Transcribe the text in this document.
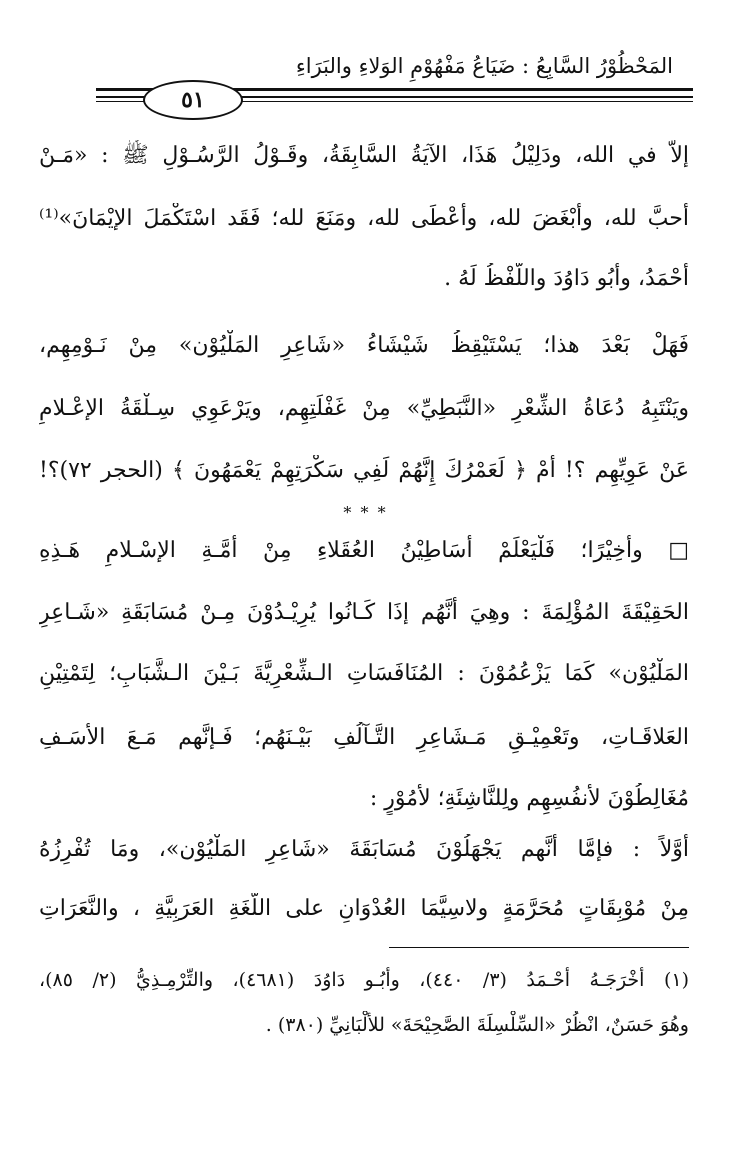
المَحْظُوْرُ السَّابِعُ : ضَيَاعُ مَفْهُوْمِ الوَلاءِ والبَرَاءِ
٥١
إلاَّ في الله، ودَلِيْلُ هَذَا، الآيَةُ السَّابِقَةُ، وقَـوْلُ الرَّسُـوْلِ ﷺ : «مَـنْ
أحبَّ لله، وأبْغَضَ لله، وأعْطَى لله، ومَنَعَ لله؛ فَقَد اسْتَكْمَلَ الإيْمَانَ»⁽¹⁾
أحْمَدُ، وأبُو دَاوُدَ واللَّفْظُ لَهُ .
فَهَلْ بَعْدَ هذا؛ يَسْتَيْقِظُ شَيْشَاءُ «شَاعِرِ المَلْيُوْن» مِنْ نَـوْمِهِم،
ويَنْتَبِهُ دُعَاةُ الشِّعْرِ «النَّبَطِيِّ» مِنْ غَفْلَتِهِم، ويَرْعَوِي سِـلْقَةُ الإعْـلامِ
عَنْ عَوِيِّهِم ؟! أمْ ﴿ لَعَمْرُكَ إِنَّهُمْ لَفِي سَكْرَتِهِمْ يَعْمَهُونَ ﴾ (الحجر ٧٢)؟!
* * *
□ وأخِيْرًا؛ فَلْيَعْلَمْ أسَاطِيْنُ العُقَلاءِ مِنْ أمَّـةِ الإسْـلامِ هَـذِهِ
الحَقِيْقَةَ المُؤْلِمَةَ : وهِيَ أنَّهُم إذَا كَـانُوا يُرِيْـدُوْنَ مِـنْ مُسَابَقَةِ «شَـاعِرِ
المَلْيُوْن» كَمَا يَزْعُمُوْنَ : المُنَافَسَاتِ الـشِّعْرِيَّةَ بَـيْنَ الـشَّبَابِ؛ لِتَمْتِيْنِ
العَلاقَـاتِ، وتَعْمِيْـقِ مَـشَاعِرِ التَّـآلُفِ بَيْـنَهُم؛ فَـإنَّهم مَـعَ الأسَـفِ
مُغَالِطُوْنَ لأنفُسِهِم ولِلنَّاشِئَةِ؛ لأمُوْرٍ :
أوَّلاً : فإمَّا أنَّهم يَجْهَلُوْنَ مُسَابَقَةَ «شَاعِرِ المَلْيُوْن»، ومَا تُفْرِزُهُ
مِنْ مُوْبِقَاتٍ مُحَرَّمَةٍ ولاسِيَّمَا العُدْوَانِ على اللُّغَةِ العَرَبِيَّةِ ، والنَّعَرَاتِ
(١) أخْرَجَـهُ أحْـمَدُ (٣/ ٤٤٠)، وأبُـو دَاوُدَ (٤٦٨١)، والتِّرْمِـذِيُّ (٢/ ٨٥)،
وهُوَ حَسَنٌ، انْظُرْ «السِّلْسِلَةَ الصَّحِيْحَةَ» للألْبَانِيِّ (٣٨٠) .
